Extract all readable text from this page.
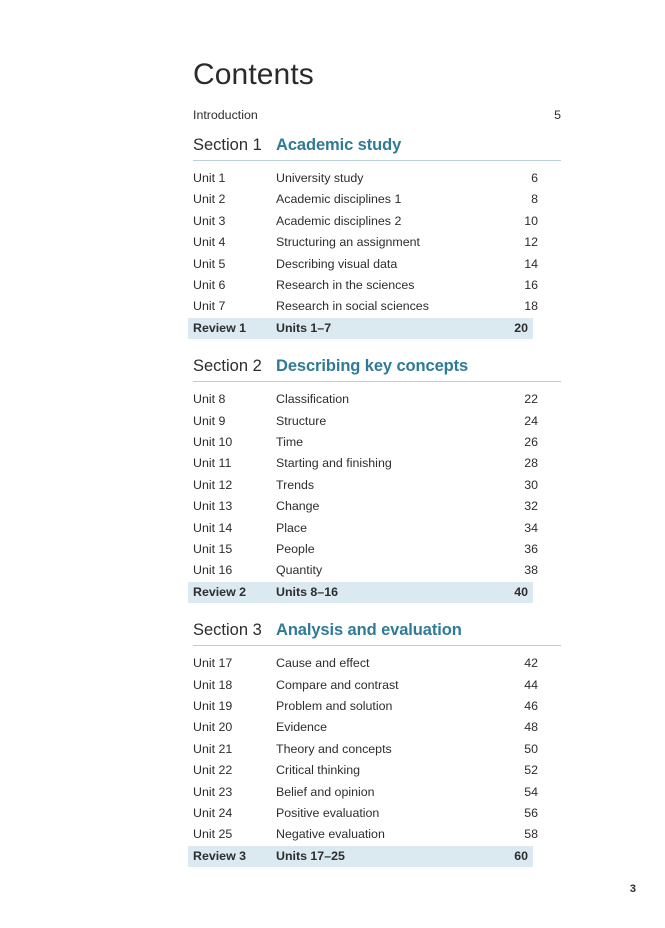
Contents
Introduction	5
Section 1 Academic study
Unit 1	University study	6
Unit 2	Academic disciplines 1	8
Unit 3	Academic disciplines 2	10
Unit 4	Structuring an assignment	12
Unit 5	Describing visual data	14
Unit 6	Research in the sciences	16
Unit 7	Research in social sciences	18
Review 1	Units 1–7	20
Section 2 Describing key concepts
Unit 8	Classification	22
Unit 9	Structure	24
Unit 10	Time	26
Unit 11	Starting and finishing	28
Unit 12	Trends	30
Unit 13	Change	32
Unit 14	Place	34
Unit 15	People	36
Unit 16	Quantity	38
Review 2	Units 8–16	40
Section 3 Analysis and evaluation
Unit 17	Cause and effect	42
Unit 18	Compare and contrast	44
Unit 19	Problem and solution	46
Unit 20	Evidence	48
Unit 21	Theory and concepts	50
Unit 22	Critical thinking	52
Unit 23	Belief and opinion	54
Unit 24	Positive evaluation	56
Unit 25	Negative evaluation	58
Review 3	Units 17–25	60
3
